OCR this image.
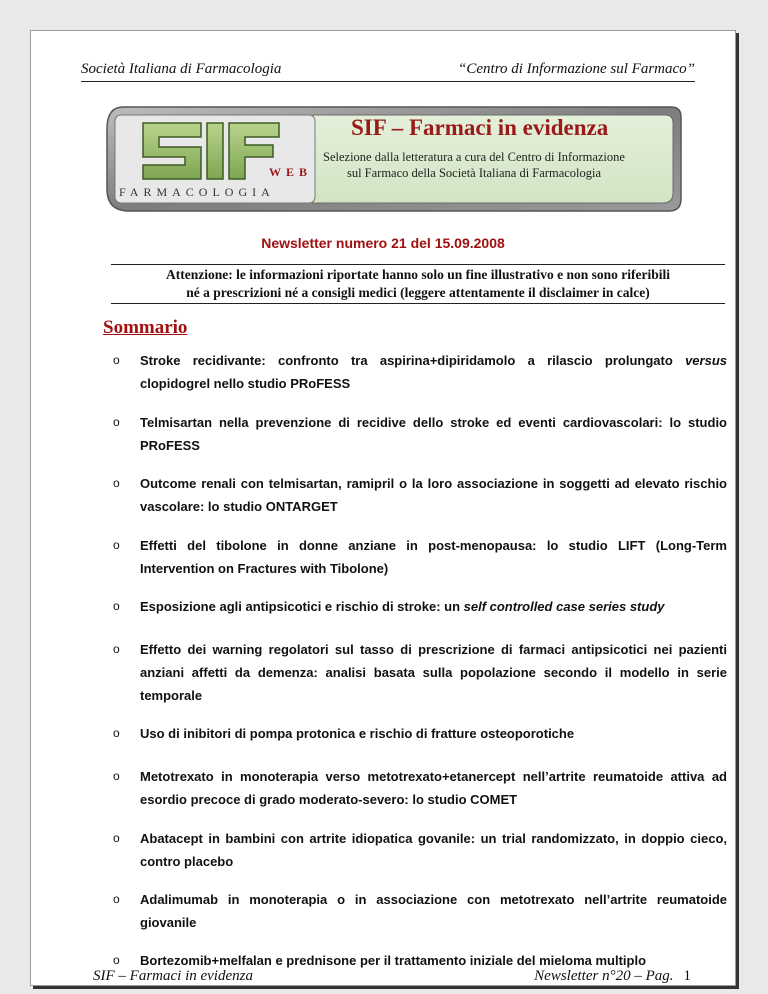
Società Italiana di Farmacologia	“Centro di Informazione sul Farmaco”
WEB
FARMACOLOGIA
SIF – Farmaci in evidenza
Selezione dalla letteratura a cura del Centro di Informazione
sul Farmaco della Società Italiana di Farmacologia
Newsletter numero 21 del 15.09.2008
Attenzione: le informazioni riportate hanno solo un fine illustrativo e non sono riferibili
né a prescrizioni né a consigli medici (leggere attentamente il disclaimer in calce)
Sommario
o Stroke recidivante: confronto tra aspirina+dipiridamolo a rilascio prolungato versus clopidogrel nello studio PRoFESS
o Telmisartan nella prevenzione di recidive dello stroke ed eventi cardiovascolari: lo studio PRoFESS
o Outcome renali con telmisartan, ramipril o la loro associazione in soggetti ad elevato rischio vascolare: lo studio ONTARGET
o Effetti del tibolone in donne anziane in post-menopausa: lo studio LIFT (Long-Term Intervention on Fractures with Tibolone)
o Esposizione agli antipsicotici e rischio di stroke: un self controlled case series study
o Effetto dei warning regolatori sul tasso di prescrizione di farmaci antipsicotici nei pazienti anziani affetti da demenza: analisi basata sulla popolazione secondo il modello in serie temporale
o Uso di inibitori di pompa protonica e rischio di fratture osteoporotiche
o Metotrexato in monoterapia verso metotrexato+etanercept nell’artrite reumatoide attiva ad esordio precoce di grado moderato-severo: lo studio COMET
o Abatacept in bambini con artrite idiopatica govanile: un trial randomizzato, in doppio cieco, contro placebo
o Adalimumab in monoterapia o in associazione con metotrexato nell’artrite reumatoide giovanile
o Bortezomib+melfalan e prednisone per il trattamento iniziale del mieloma multiplo
SIF – Farmaci in evidenza	Newsletter n°20 – Pag. 1
